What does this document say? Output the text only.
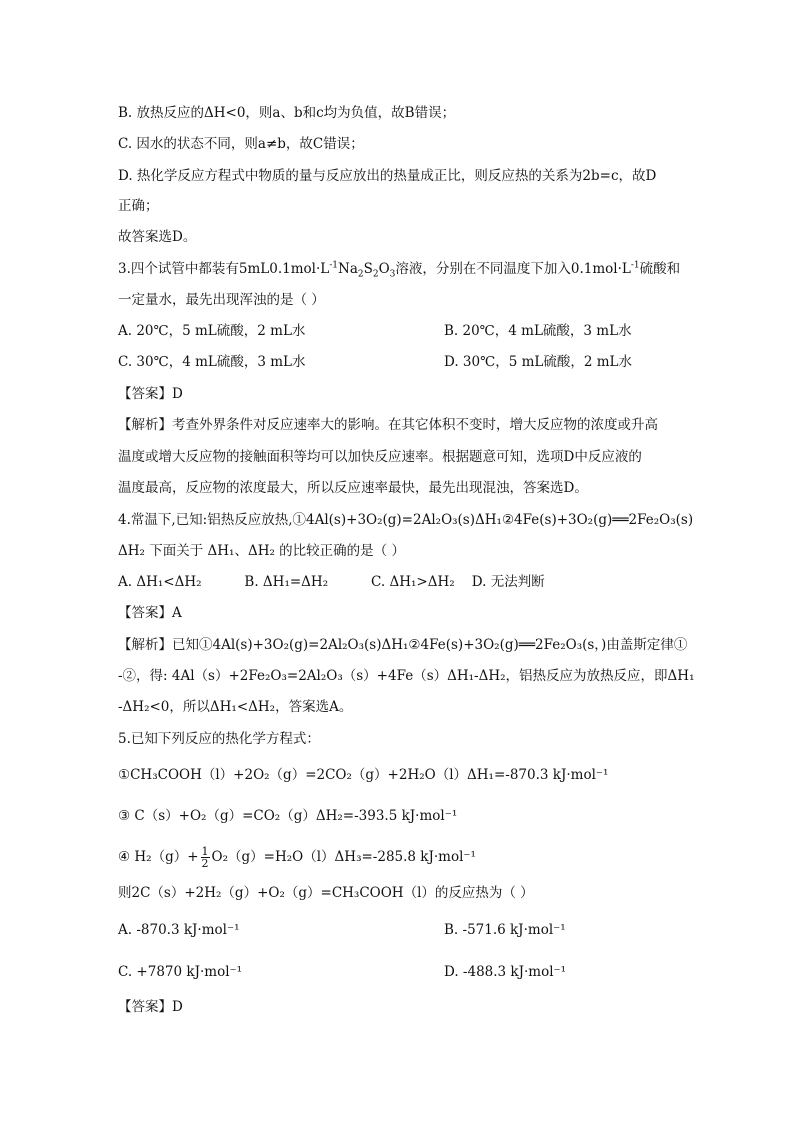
B. 放热反应的ΔH<0，则a、b和c均为负值，故B错误；
C. 因水的状态不同，则a≠b，故C错误；
D. 热化学反应方程式中物质的量与反应放出的热量成正比，则反应热的关系为2b=c，故D
正确；
故答案选D。
3.四个试管中都装有$5mL0.1mol\cdot L^{-1}Na_2S_2O_3$溶液，分别在不同温度下加入$0.1mol\cdot L^{-1}$硫酸和
一定量水，最先出现浑浊的是（ ）
A. 20℃，5 mL硫酸，2 mL水	B. 20℃，4 mL硫酸，3 mL水
C. 30℃，4 mL硫酸，3 mL水	D. 30℃，5 mL硫酸，2 mL水
【答案】D
【解析】考查外界条件对反应速率大的影响。在其它体积不变时，增大反应物的浓度或升高
温度或增大反应物的接触面积等均可以加快反应速率。根据题意可知，选项D中反应液的
温度最高，反应物的浓度最大，所以反应速率最快，最先出现混浊，答案选D。
4.常温下,已知:铝热反应放热,①4Al(s)+3O₂(g)=2Al₂O₃(s)ΔH₁②4Fe(s)+3O₂(g)══2Fe₂O₃(s)
ΔH₂ 下面关于 ΔH₁、ΔH₂ 的比较正确的是（ ）
A. ΔH₁<ΔH₂          B. ΔH₁=ΔH₂          C. ΔH₁>ΔH₂    D. 无法判断
【答案】A
【解析】已知①4Al(s)+3O₂(g)=2Al₂O₃(s)ΔH₁②4Fe(s)+3O₂(g)══2Fe₂O₃(s，)由盖斯定律①
-②，得: 4Al（s）+2Fe₂O₃=2Al₂O₃（s）+4Fe（s）ΔH₁-ΔH₂，铝热反应为放热反应，即ΔH₁
-ΔH₂<0，所以ΔH₁<ΔH₂，答案选A。
5.已知下列反应的热化学方程式：
①CH₃COOH（l）+2O₂（g）=2CO₂（g）+2H₂O（l）ΔH₁=-870.3 kJ·mol⁻¹
③ C（s）+O₂（g）=CO₂（g）ΔH₂=-393.5 kJ·mol⁻¹
④ $H_2(g)+ \frac{1}{2} O_2(g)=H_2O(l)\Delta H_3=-285.8$ kJ·mol⁻¹
则2C（s）+2H₂（g）+O₂（g）=CH₃COOH（l）的反应热为（ ）
A. -870.3 kJ·mol⁻¹	B. -571.6 kJ·mol⁻¹
C. +7870 kJ·mol⁻¹	D. -488.3 kJ·mol⁻¹
【答案】D
